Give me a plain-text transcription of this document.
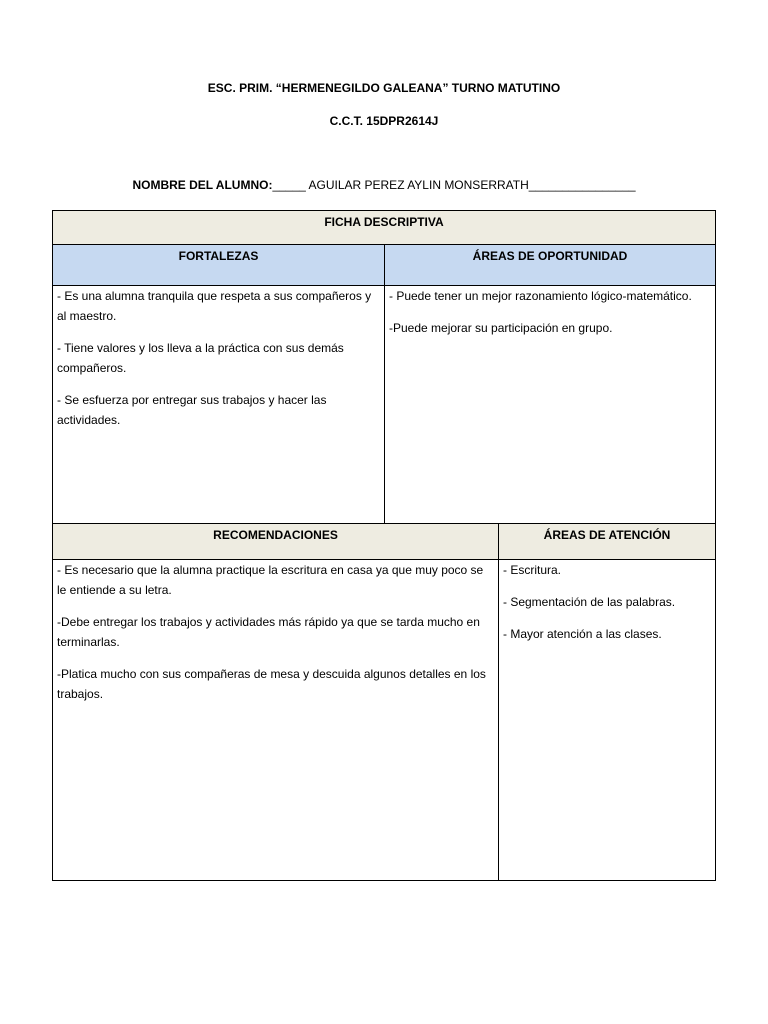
ESC. PRIM. “HERMENEGILDO GALEANA” TURNO MATUTINO
C.C.T. 15DPR2614J
NOMBRE DEL ALUMNO:_____ AGUILAR PEREZ AYLIN MONSERRATH________________
FICHA DESCRIPTIVA
FORTALEZAS	ÁREAS DE OPORTUNIDAD

- Es una alumna tranquila que respeta a sus compañeros y al maestro.

- Tiene valores y los lleva a la práctica con sus demás compañeros.

- Se esfuerza por entregar sus trabajos y hacer las actividades.

- Puede tener un mejor razonamiento lógico-matemático.

-Puede mejorar su participación en grupo.

RECOMENDACIONES	ÁREAS DE ATENCIÓN

- Es necesario que la alumna practique la escritura en casa ya que muy poco se le entiende a su letra.

-Debe entregar los trabajos y actividades más rápido ya que se tarda mucho en terminarlas.

-Platica mucho con sus compañeras de mesa y descuida algunos detalles en los trabajos.

- Escritura.

- Segmentación de las palabras.

- Mayor atención a las clases.
